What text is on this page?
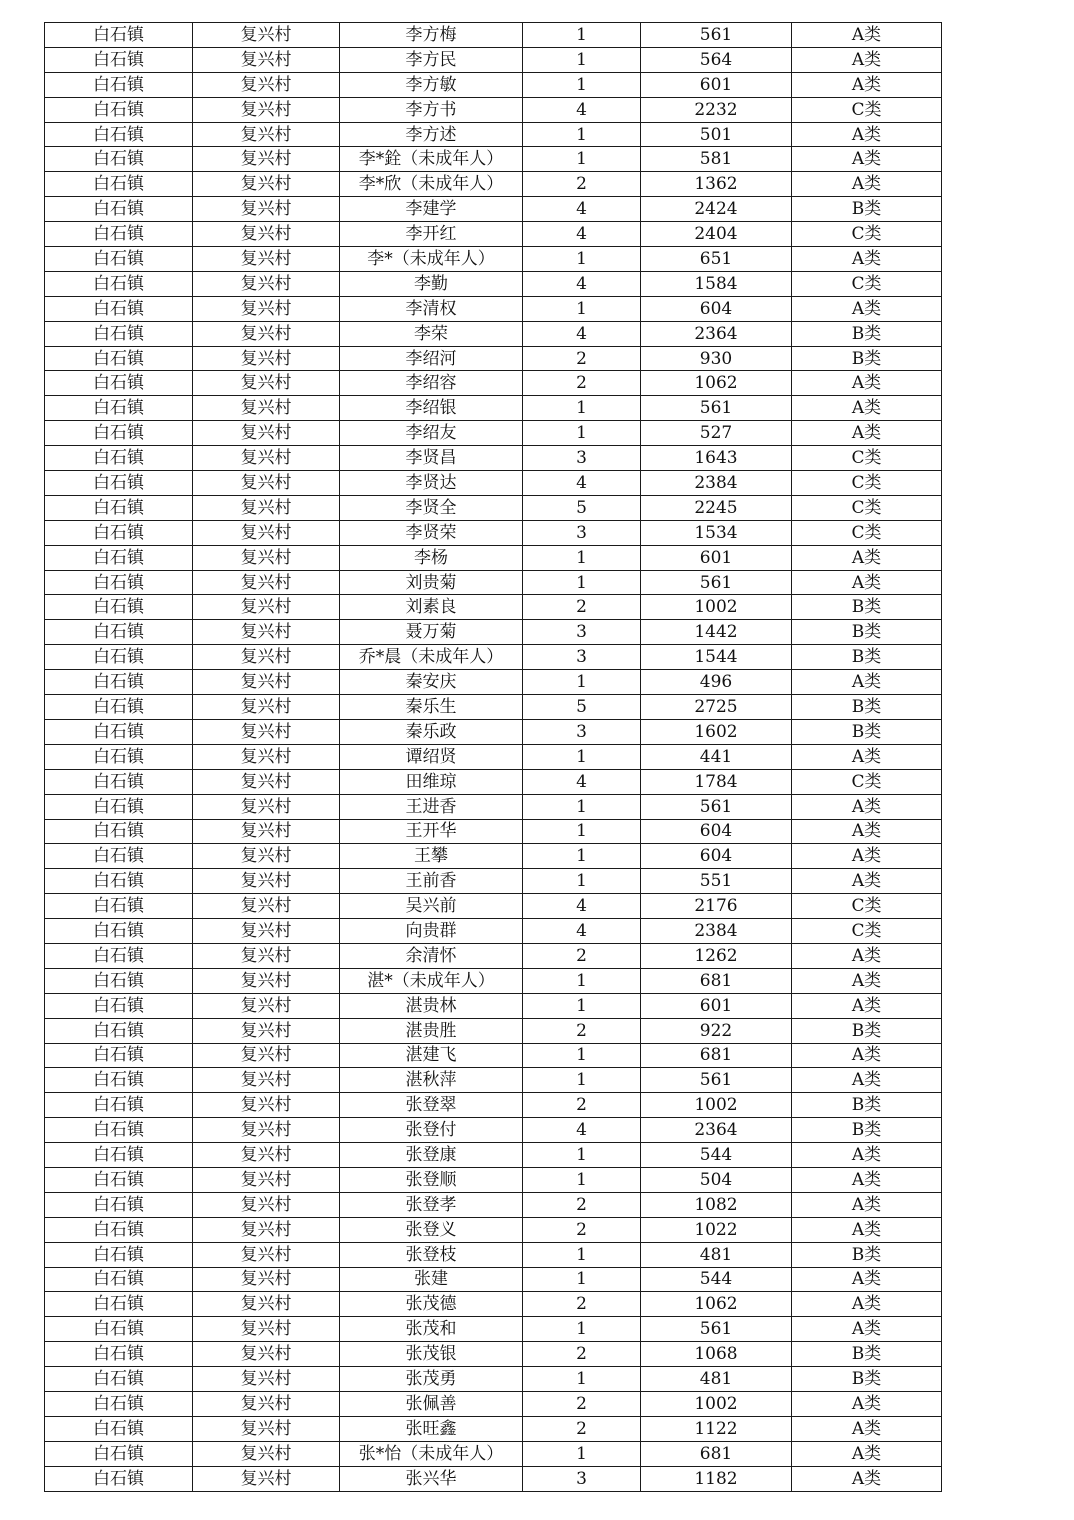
白石镇	复兴村	李方梅	1	561	A类
白石镇	复兴村	李方民	1	564	A类
白石镇	复兴村	李方敏	1	601	A类
白石镇	复兴村	李方书	4	2232	C类
白石镇	复兴村	李方述	1	501	A类
白石镇	复兴村	李*銓（未成年人）	1	581	A类
白石镇	复兴村	李*欣（未成年人）	2	1362	A类
白石镇	复兴村	李建学	4	2424	B类
白石镇	复兴村	李开红	4	2404	C类
白石镇	复兴村	李*（未成年人）	1	651	A类
白石镇	复兴村	李勤	4	1584	C类
白石镇	复兴村	李清权	1	604	A类
白石镇	复兴村	李荣	4	2364	B类
白石镇	复兴村	李绍河	2	930	B类
白石镇	复兴村	李绍容	2	1062	A类
白石镇	复兴村	李绍银	1	561	A类
白石镇	复兴村	李绍友	1	527	A类
白石镇	复兴村	李贤昌	3	1643	C类
白石镇	复兴村	李贤达	4	2384	C类
白石镇	复兴村	李贤全	5	2245	C类
白石镇	复兴村	李贤荣	3	1534	C类
白石镇	复兴村	李杨	1	601	A类
白石镇	复兴村	刘贵菊	1	561	A类
白石镇	复兴村	刘素良	2	1002	B类
白石镇	复兴村	聂万菊	3	1442	B类
白石镇	复兴村	乔*晨（未成年人）	3	1544	B类
白石镇	复兴村	秦安庆	1	496	A类
白石镇	复兴村	秦乐生	5	2725	B类
白石镇	复兴村	秦乐政	3	1602	B类
白石镇	复兴村	谭绍贤	1	441	A类
白石镇	复兴村	田维琼	4	1784	C类
白石镇	复兴村	王进香	1	561	A类
白石镇	复兴村	王开华	1	604	A类
白石镇	复兴村	王攀	1	604	A类
白石镇	复兴村	王前香	1	551	A类
白石镇	复兴村	吴兴前	4	2176	C类
白石镇	复兴村	向贵群	4	2384	C类
白石镇	复兴村	余清怀	2	1262	A类
白石镇	复兴村	湛*（未成年人）	1	681	A类
白石镇	复兴村	湛贵林	1	601	A类
白石镇	复兴村	湛贵胜	2	922	B类
白石镇	复兴村	湛建飞	1	681	A类
白石镇	复兴村	湛秋萍	1	561	A类
白石镇	复兴村	张登翠	2	1002	B类
白石镇	复兴村	张登付	4	2364	B类
白石镇	复兴村	张登康	1	544	A类
白石镇	复兴村	张登顺	1	504	A类
白石镇	复兴村	张登孝	2	1082	A类
白石镇	复兴村	张登义	2	1022	A类
白石镇	复兴村	张登枝	1	481	B类
白石镇	复兴村	张建	1	544	A类
白石镇	复兴村	张茂德	2	1062	A类
白石镇	复兴村	张茂和	1	561	A类
白石镇	复兴村	张茂银	2	1068	B类
白石镇	复兴村	张茂勇	1	481	B类
白石镇	复兴村	张佩善	2	1002	A类
白石镇	复兴村	张旺鑫	2	1122	A类
白石镇	复兴村	张*怡（未成年人）	1	681	A类
白石镇	复兴村	张兴华	3	1182	A类
